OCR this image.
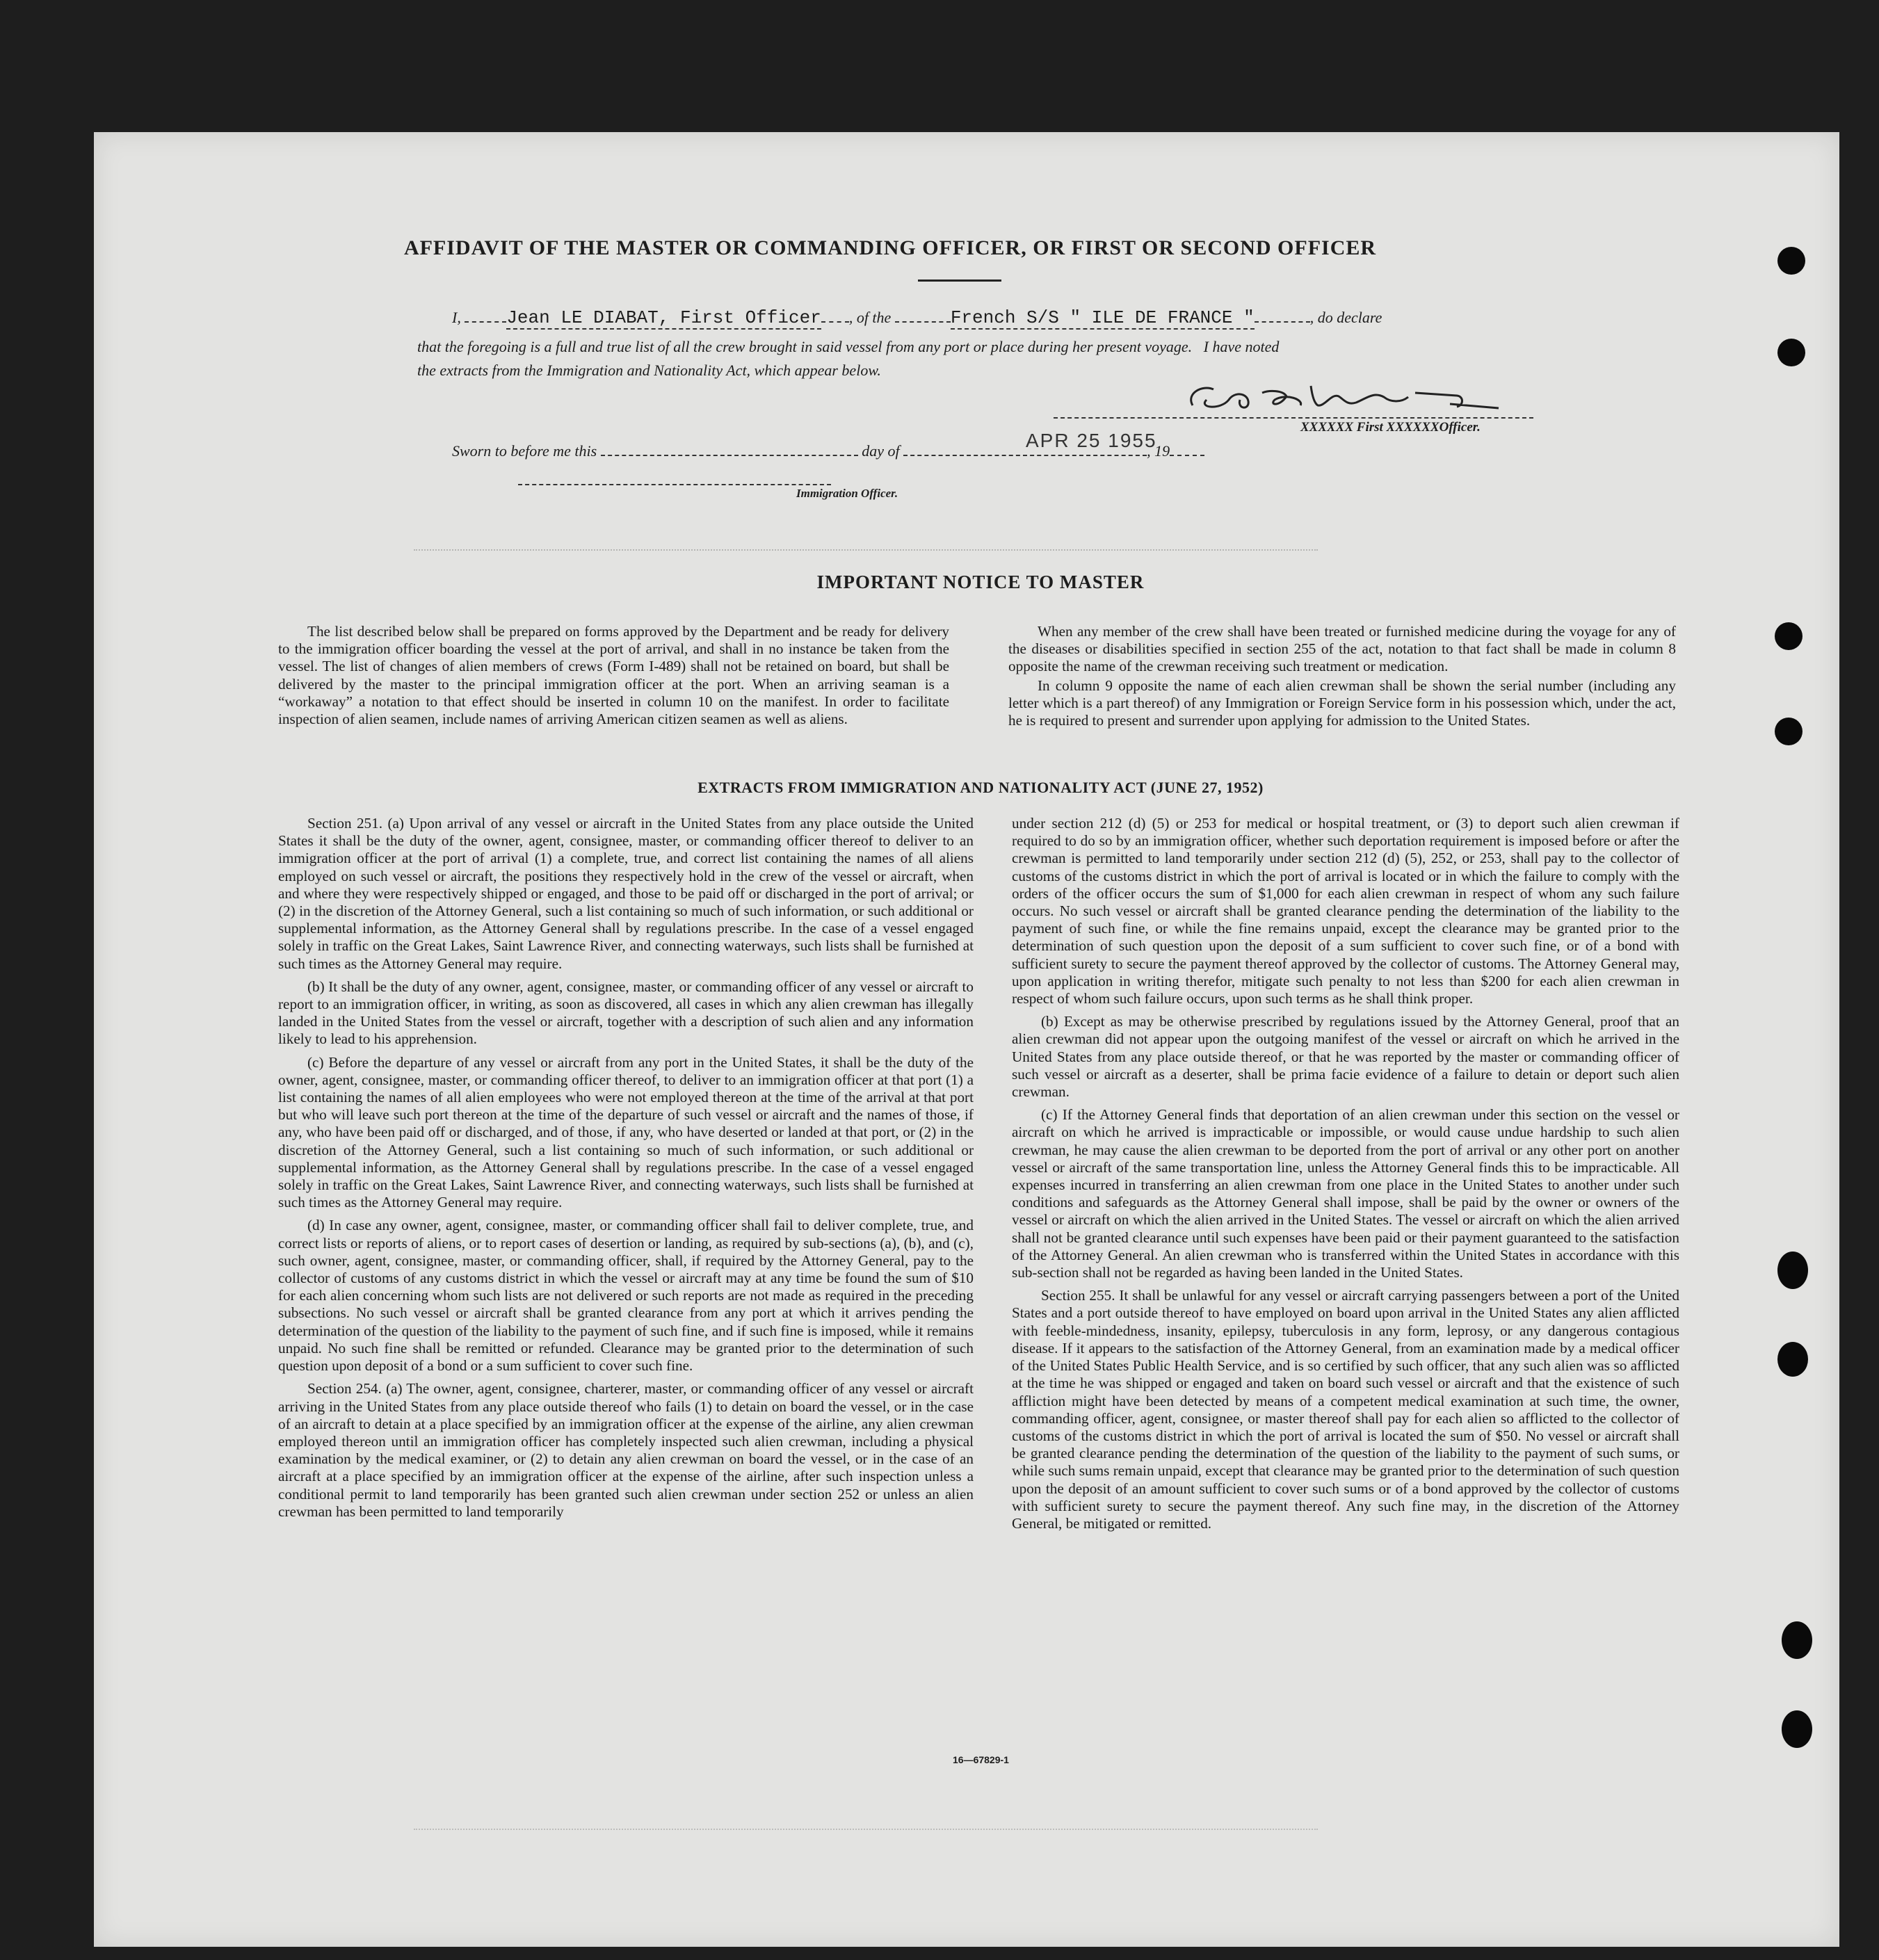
AFFIDAVIT OF THE MASTER OR COMMANDING OFFICER, OR FIRST OR SECOND OFFICER
I,	Jean LE DIABAT, First Officer , of the	French S/S " ILE DE FRANCE "	, do declare
that the foregoing is a full and true list of all the crew brought in said vessel from any port or place during her present voyage.   I have noted
the extracts from the Immigration and Nationality Act, which appear below.
XXXXXX First XXXXXXOfficer.
Sworn to before me this	day of	, 19
APR 25 1955
Immigration Officer.
IMPORTANT NOTICE TO MASTER

The list described below shall be prepared on forms approved by the Department and be ready for delivery to the immigration officer boarding the vessel at the port of arrival, and shall in no instance be taken from the vessel. The list of changes of alien members of crews (Form I-489) shall not be retained on board, but shall be delivered by the master to the principal immigration officer at the port. When an arriving seaman is a “workaway” a notation to that effect should be inserted in column 10 on the manifest. In order to facilitate inspection of alien seamen, include names of arriving American citizen seamen as well as aliens.

When any member of the crew shall have been treated or furnished medicine during the voyage for any of the diseases or disabilities specified in section 255 of the act, notation to that fact shall be made in column 8 opposite the name of the crewman receiving such treatment or medication.

In column 9 opposite the name of each alien crewman shall be shown the serial number (including any letter which is a part thereof) of any Immigration or Foreign Service form in his possession which, under the act, he is required to present and surrender upon applying for admission to the United States.

EXTRACTS FROM IMMIGRATION AND NATIONALITY ACT (JUNE 27, 1952)

Section 251. (a) Upon arrival of any vessel or aircraft in the United States from any place outside the United States it shall be the duty of the owner, agent, consignee, master, or commanding officer thereof to deliver to an immigration officer at the port of arrival (1) a complete, true, and correct list containing the names of all aliens employed on such vessel or aircraft, the positions they respectively hold in the crew of the vessel or aircraft, when and where they were respectively shipped or engaged, and those to be paid off or discharged in the port of arrival; or (2) in the discretion of the Attorney General, such a list containing so much of such information, or such additional or supplemental information, as the Attorney General shall by regulations prescribe. In the case of a vessel engaged solely in traffic on the Great Lakes, Saint Lawrence River, and connecting waterways, such lists shall be furnished at such times as the Attorney General may require.

(b) It shall be the duty of any owner, agent, consignee, master, or commanding officer of any vessel or aircraft to report to an immigration officer, in writing, as soon as discovered, all cases in which any alien crewman has illegally landed in the United States from the vessel or aircraft, together with a description of such alien and any information likely to lead to his apprehension.

(c) Before the departure of any vessel or aircraft from any port in the United States, it shall be the duty of the owner, agent, consignee, master, or commanding officer thereof, to deliver to an immigration officer at that port (1) a list containing the names of all alien employees who were not employed thereon at the time of the arrival at that port but who will leave such port thereon at the time of the departure of such vessel or aircraft and the names of those, if any, who have been paid off or discharged, and of those, if any, who have deserted or landed at that port, or (2) in the discretion of the Attorney General, such a list containing so much of such information, or such additional or supplemental information, as the Attorney General shall by regulations prescribe. In the case of a vessel engaged solely in traffic on the Great Lakes, Saint Lawrence River, and connecting waterways, such lists shall be furnished at such times as the Attorney General may require.

(d) In case any owner, agent, consignee, master, or commanding officer shall fail to deliver complete, true, and correct lists or reports of aliens, or to report cases of desertion or landing, as required by sub-sections (a), (b), and (c), such owner, agent, consignee, master, or commanding officer, shall, if required by the Attorney General, pay to the collector of customs of any customs district in which the vessel or aircraft may at any time be found the sum of $10 for each alien concerning whom such lists are not delivered or such reports are not made as required in the preceding subsections. No such vessel or aircraft shall be granted clearance from any port at which it arrives pending the determination of the question of the liability to the payment of such fine, and if such fine is imposed, while it remains unpaid. No such fine shall be remitted or refunded. Clearance may be granted prior to the determination of such question upon deposit of a bond or a sum sufficient to cover such fine.

Section 254. (a) The owner, agent, consignee, charterer, master, or commanding officer of any vessel or aircraft arriving in the United States from any place outside thereof who fails (1) to detain on board the vessel, or in the case of an aircraft to detain at a place specified by an immigration officer at the expense of the airline, any alien crewman employed thereon until an immigration officer has completely inspected such alien crewman, including a physical examination by the medical examiner, or (2) to detain any alien crewman on board the vessel, or in the case of an aircraft at a place specified by an immigration officer at the expense of the airline, after such inspection unless a conditional permit to land temporarily has been granted such alien crewman under section 252 or unless an alien crewman has been permitted to land temporarily

under section 212 (d) (5) or 253 for medical or hospital treatment, or (3) to deport such alien crewman if required to do so by an immigration officer, whether such deportation requirement is imposed before or after the crewman is permitted to land temporarily under section 212 (d) (5), 252, or 253, shall pay to the collector of customs of the customs district in which the port of arrival is located or in which the failure to comply with the orders of the officer occurs the sum of $1,000 for each alien crewman in respect of whom any such failure occurs. No such vessel or aircraft shall be granted clearance pending the determination of the liability to the payment of such fine, or while the fine remains unpaid, except the clearance may be granted prior to the determination of such question upon the deposit of a sum sufficient to cover such fine, or of a bond with sufficient surety to secure the payment thereof approved by the collector of customs. The Attorney General may, upon application in writing therefor, mitigate such penalty to not less than $200 for each alien crewman in respect of whom such failure occurs, upon such terms as he shall think proper.

(b) Except as may be otherwise prescribed by regulations issued by the Attorney General, proof that an alien crewman did not appear upon the outgoing manifest of the vessel or aircraft on which he arrived in the United States from any place outside thereof, or that he was reported by the master or commanding officer of such vessel or aircraft as a deserter, shall be prima facie evidence of a failure to detain or deport such alien crewman.

(c) If the Attorney General finds that deportation of an alien crewman under this section on the vessel or aircraft on which he arrived is impracticable or impossible, or would cause undue hardship to such alien crewman, he may cause the alien crewman to be deported from the port of arrival or any other port on another vessel or aircraft of the same transportation line, unless the Attorney General finds this to be impracticable. All expenses incurred in transferring an alien crewman from one place in the United States to another under such conditions and safeguards as the Attorney General shall impose, shall be paid by the owner or owners of the vessel or aircraft on which the alien arrived in the United States. The vessel or aircraft on which the alien arrived shall not be granted clearance until such expenses have been paid or their payment guaranteed to the satisfaction of the Attorney General. An alien crewman who is transferred within the United States in accordance with this sub-section shall not be regarded as having been landed in the United States.

Section 255. It shall be unlawful for any vessel or aircraft carrying passengers between a port of the United States and a port outside thereof to have employed on board upon arrival in the United States any alien afflicted with feeble-mindedness, insanity, epilepsy, tuberculosis in any form, leprosy, or any dangerous contagious disease. If it appears to the satisfaction of the Attorney General, from an examination made by a medical officer of the United States Public Health Service, and is so certified by such officer, that any such alien was so afflicted at the time he was shipped or engaged and taken on board such vessel or aircraft and that the existence of such affliction might have been detected by means of a competent medical examination at such time, the owner, commanding officer, agent, consignee, or master thereof shall pay for each alien so afflicted to the collector of customs of the customs district in which the port of arrival is located the sum of $50. No vessel or aircraft shall be granted clearance pending the determination of the question of the liability to the payment of such sums, or while such sums remain unpaid, except that clearance may be granted prior to the determination of such question upon the deposit of an amount sufficient to cover such sums or of a bond approved by the collector of customs with sufficient surety to secure the payment thereof. Any such fine may, in the discretion of the Attorney General, be mitigated or remitted.

16—67829-1
